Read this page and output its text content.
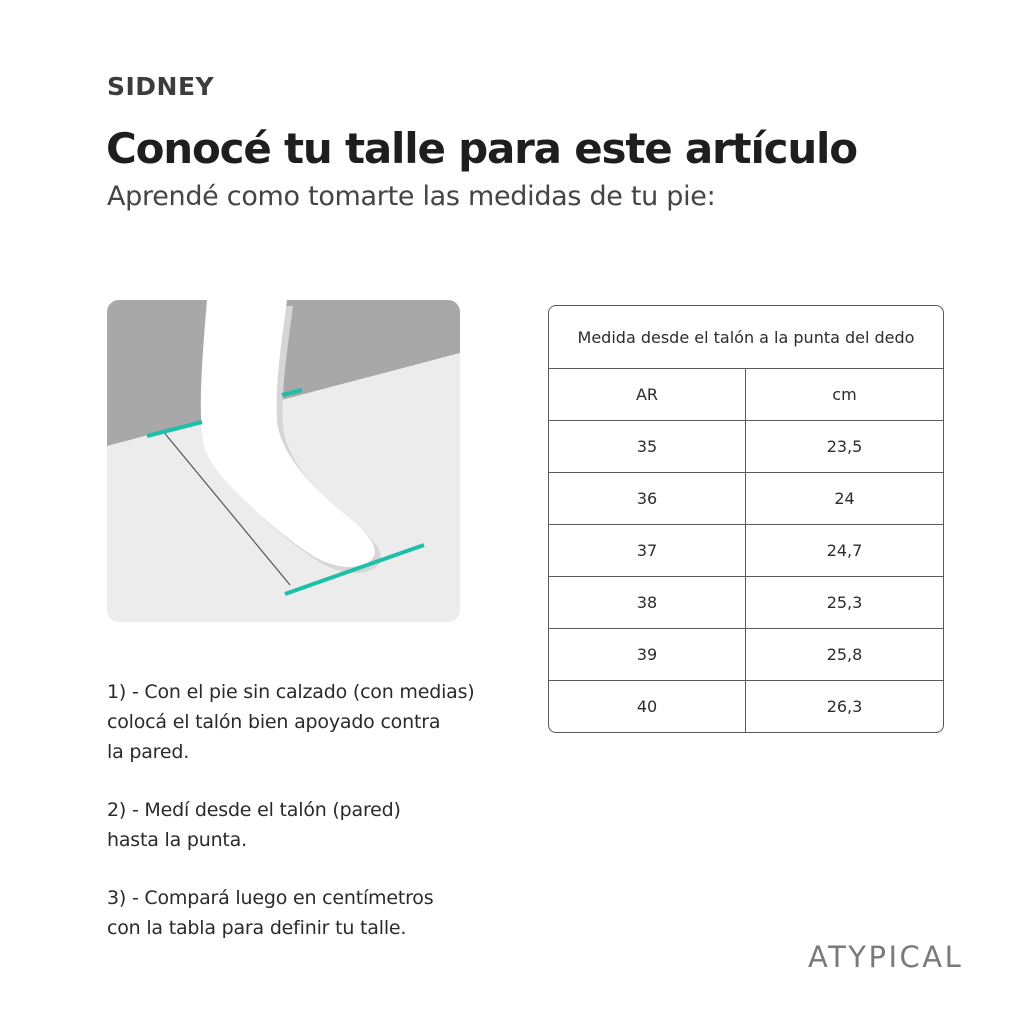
SIDNEY
Conocé tu talle para este artículo
Aprendé como tomarte las medidas de tu pie:
Medida desde el talón a la punta del dedo	
AR	cm
35	23,5
36	24
37	24,7
38	25,3
39	25,8
40	26,3
1) - Con el pie sin calzado (con medias)
colocá el talón bien apoyado contra
la pared.
2) - Medí desde el talón (pared)
hasta la punta.
3) - Compará luego en centímetros
con la tabla para definir tu talle.
ATYPICAL
